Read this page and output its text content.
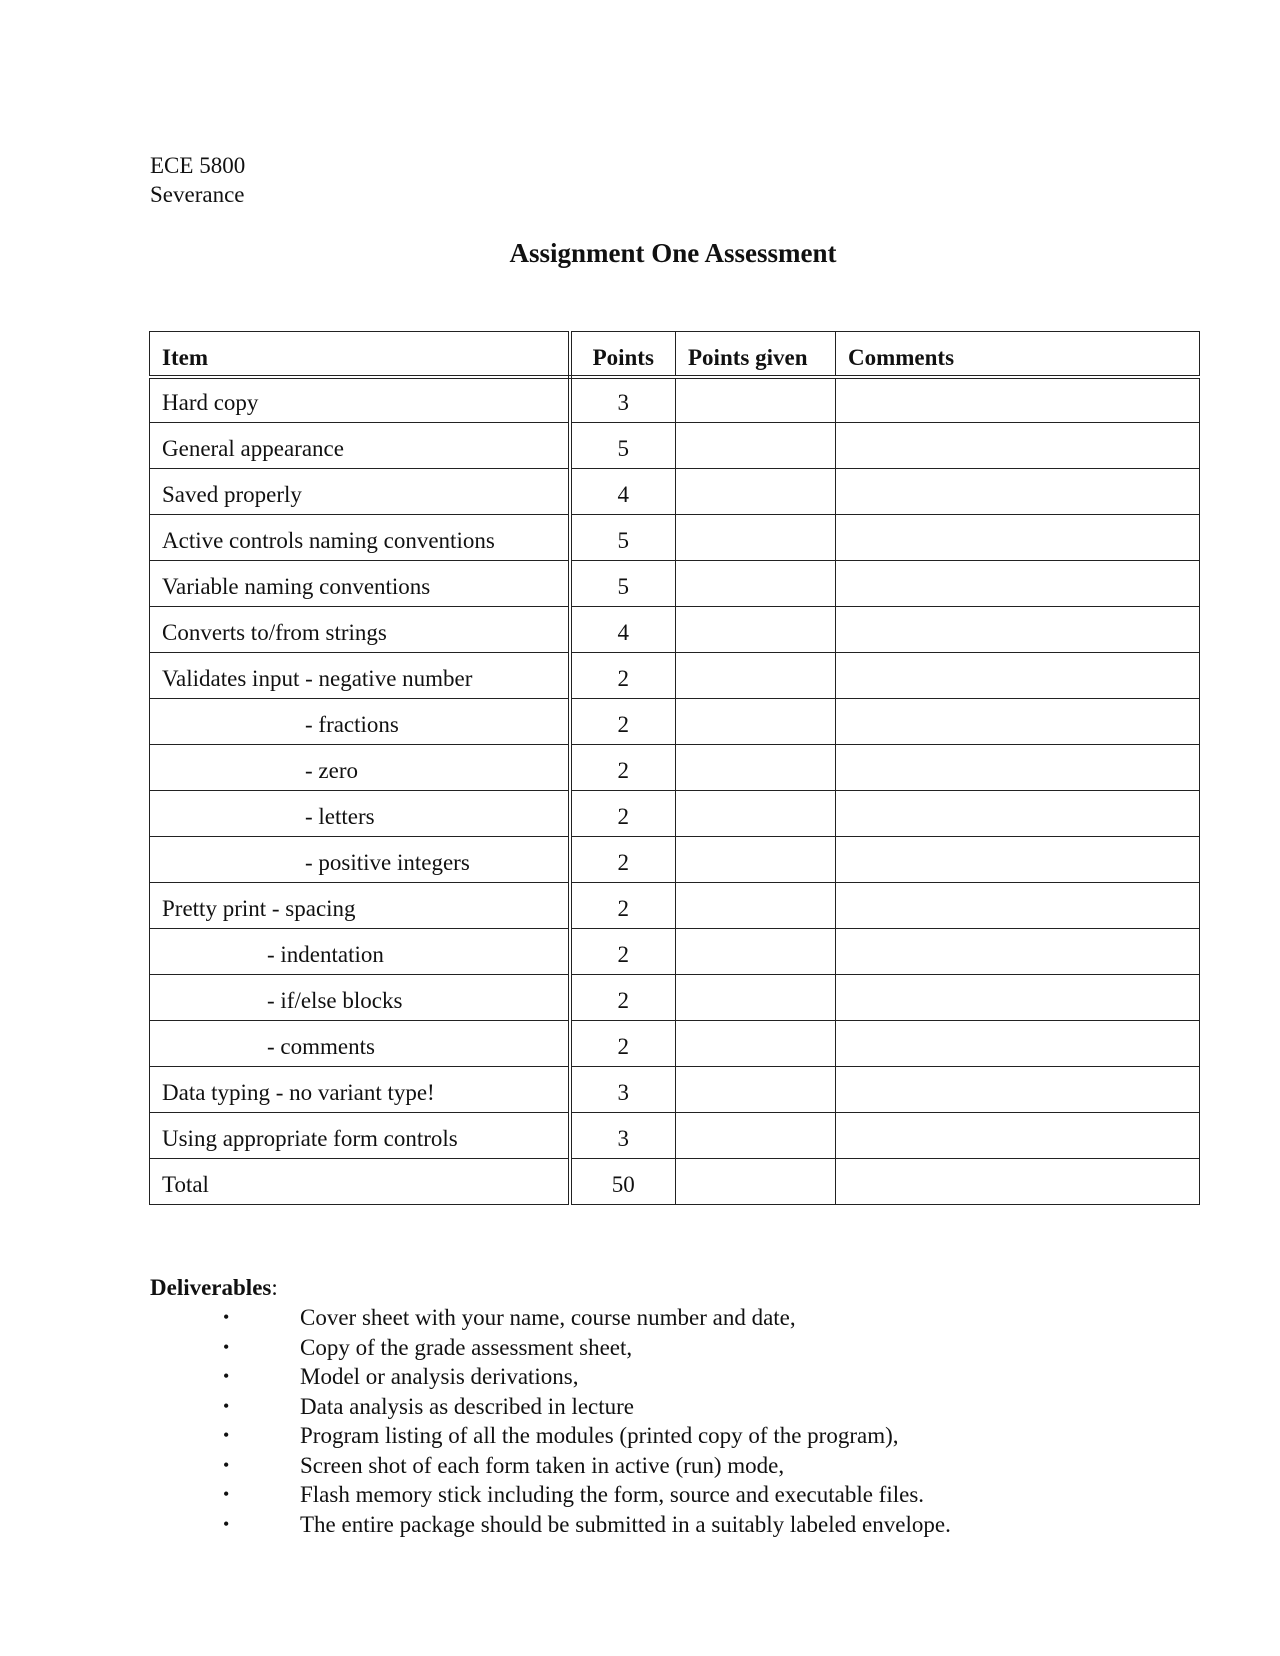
ECE 5800
Severance
Assignment One Assessment
Item	Points	Points given	Comments
Hard copy	3		
General appearance	5		
Saved properly	4		
Active controls naming conventions	5		
Variable naming conventions	5		
Converts to/from strings	4		
Validates input - negative number	2		
- fractions	2		
- zero	2		
- letters	2		
- positive integers	2		
Pretty print - spacing	2		
- indentation	2		
- if/else blocks	2		
- comments	2		
Data typing - no variant type!	3		
Using appropriate form controls	3		
Total	50		
Deliverables:
•	Cover sheet with your name, course number and date,
•	Copy of the grade assessment sheet,
•	Model or analysis derivations,
•	Data analysis as described in lecture
•	Program listing of all the modules (printed copy of the program),
•	Screen shot of each form taken in active (run) mode,
•	Flash memory stick including the form, source and executable files.
•	The entire package should be submitted in a suitably labeled envelope.
